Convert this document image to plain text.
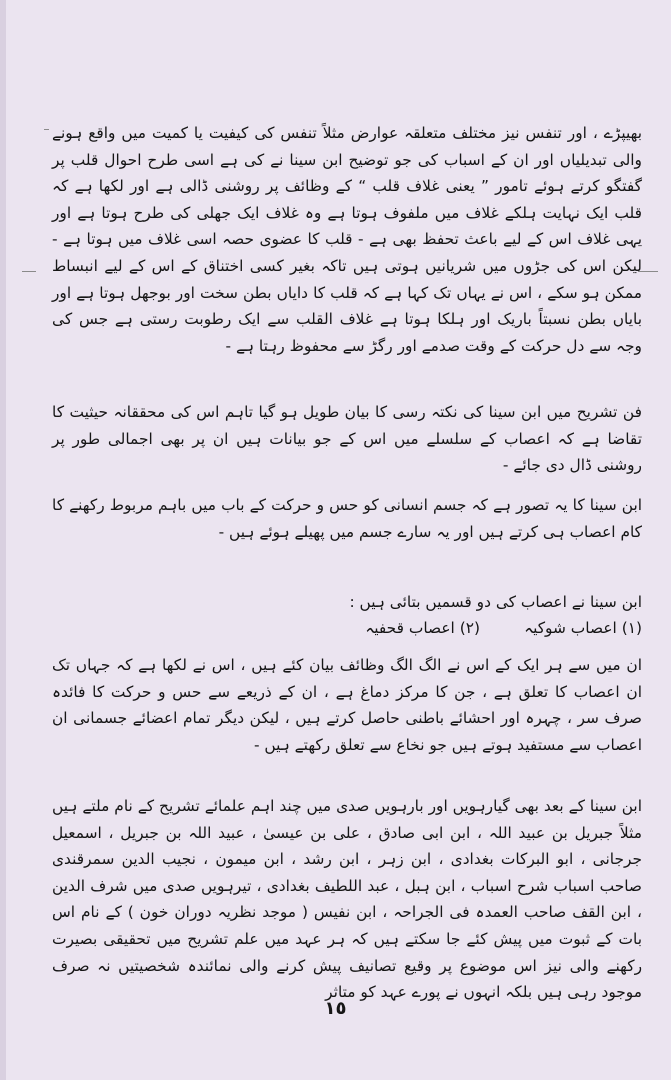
بھیپڑے ، اور تنفس نیز مختلف متعلقہ عوارض مثلاً تنفس کی کیفیت یا کمیت میں واقع ہونے والی تبدیلیاں اور ان کے اسباب کی جو توضیح ابن سینا نے کی ہے اسی طرح احوال قلب پر گفتگو کرتے ہوئے تامور ” یعنی غلاف قلب “ کے وظائف پر روشنی ڈالی ہے اور لکھا ہے کہ قلب ایک نہایت ہلکے غلاف میں ملفوف ہوتا ہے وہ غلاف ایک جھلی کی طرح ہوتا ہے اور یہی غلاف اس کے لیے باعث تحفظ بھی ہے - قلب کا عضوی حصہ اسی غلاف میں ہوتا ہے - لیکن اس کی جڑوں میں شریانیں ہوتی ہیں تاکہ بغیر کسی اختناق کے اس کے لیے انبساط ممکن ہو سکے ، اس نے یہاں تک کہا ہے کہ قلب کا دایاں بطن سخت اور بوجھل ہوتا ہے اور بایاں بطن نسبتاً باریک اور ہلکا ہوتا ہے غلاف القلب سے ایک رطوبت رستی ہے جس کی وجہ سے دل حرکت کے وقت صدمے اور رگڑ سے محفوظ رہتا ہے -

فن تشریح میں ابن سینا کی نکتہ رسی کا بیان طویل ہو گیا تاہم اس کی محققانہ حیثیت کا تقاضا ہے کہ اعصاب کے سلسلے میں اس کے جو بیانات ہیں ان پر بھی اجمالی طور پر روشنی ڈال دی جائے -

ابن سینا کا یہ تصور ہے کہ جسم انسانی کو حس و حرکت کے باب میں باہم مربوط رکھنے کا کام اعصاب ہی کرتے ہیں اور یہ سارے جسم میں پھیلے ہوئے ہیں -

ابن سینا نے اعصاب کی دو قسمیں بتائی ہیں :

(١) اعصاب شوکیہ
(٢) اعصاب قحفیہ

ان میں سے ہر ایک کے اس نے الگ الگ وظائف بیان کئے ہیں ، اس نے لکھا ہے کہ جہاں تک ان اعصاب کا تعلق ہے ، جن کا مرکز دماغ ہے ، ان کے ذریعے سے حس و حرکت کا فائدہ صرف سر ، چہرہ اور احشائے باطنی حاصل کرتے ہیں ، لیکن دیگر تمام اعضائے جسمانی ان اعصاب سے مستفید ہوتے ہیں جو نخاع سے تعلق رکھتے ہیں -

ابن سینا کے بعد بھی گیارہویں اور بارہویں صدی میں چند اہم علمائے تشریح کے نام ملتے ہیں مثلاً جبریل بن عبید اللہ ، ابن ابی صادق ، علی بن عیسیٰ ، عبید اللہ بن جبریل ، اسمعیل جرجانی ، ابو البرکات بغدادی ، ابن زہر ، ابن رشد ، ابن میمون ، نجیب الدین سمرقندی صاحب اسباب شرح اسباب ، ابن ہبل ، عبد اللطیف بغدادی ، تیرہویں صدی میں شرف الدین ، ابن القف صاحب العمدہ فی الجراحہ ، ابن نفیس ( موجد نظریہ دوران خون ) کے نام اس بات کے ثبوت میں پیش کئے جا سکتے ہیں کہ ہر عہد میں علم تشریح میں تحقیقی بصیرت رکھنے والی نیز اس موضوع پر وقیع تصانیف پیش کرنے والی نمائندہ شخصیتیں نہ صرف موجود رہی ہیں بلکہ انہوں نے پورے عہد کو متاثر

١٥
